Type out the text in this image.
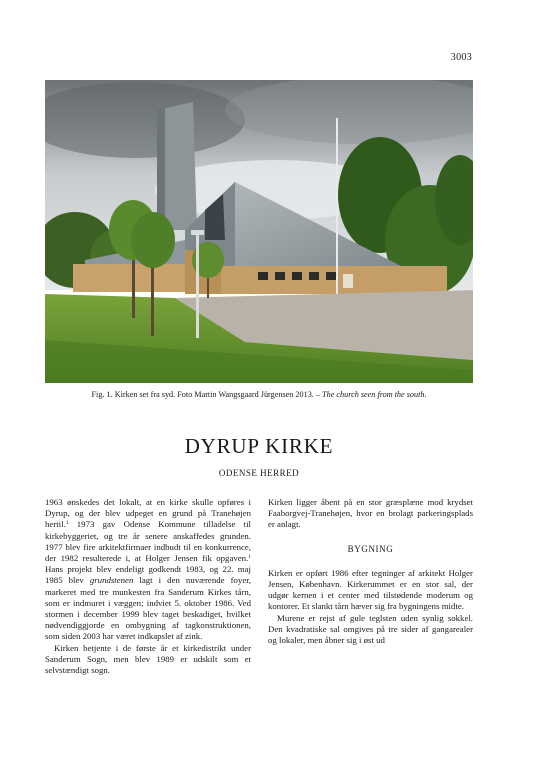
3003
Fig. 1. Kirken set fra syd. Foto Martin Wangsgaard Jürgensen 2013. – The church seen from the south.
DYRUP KIRKE
ODENSE HERRED

1963 ønskedes det lokalt, at en kirke skulle opføres i Dyrup, og der blev udpeget en grund på Tranehøjen hertil.$^1$ 1973 gav Odense Kommune tilladelse til kirkebyggeriet, og tre år senere anskaffedes grunden. 1977 blev fire arkitektfirmaer indbudt til en konkurrence, der 1982 resulterede i, at Holger Jensen fik opgaven.$^1$ Hans projekt blev endeligt godkendt 1983, og 22. maj 1985 blev grundstenen lagt i den nuværende foyer, markeret med tre munkesten fra Sanderum Kirkes tårn, som er indmuret i væggen; indviet 5. oktober 1986. Ved stormen i december 1999 blev taget beskadiget, hvilket nødvendiggjorde en ombygning af tagkonstruktionen, som siden 2003 har været indkapslet af zink.

Kirken betjente i de første år et kirkedistrikt under Sanderum Sogn, men blev 1989 er udskilt som et selvstændigt sogn.

Kirken ligger åbent på en stor græsplæne mod krydset Faaborgvej-Tranehøjen, hvor en brolagt parkeringsplads er anlagt.

BYGNING

Kirken er opført 1986 efter tegninger af arkitekt Holger Jensen, København. Kirkerummet er en stor sal, der udgør kernen i et center med tilstødende moderum og kontorer. Et slankt tårn hæver sig fra bygningens midte.

Murene er rejst af gule teglsten uden synlig sokkel. Den kvadratiske sal omgives på tre sider af gangarealer og lokaler, men åbner sig i øst ud
